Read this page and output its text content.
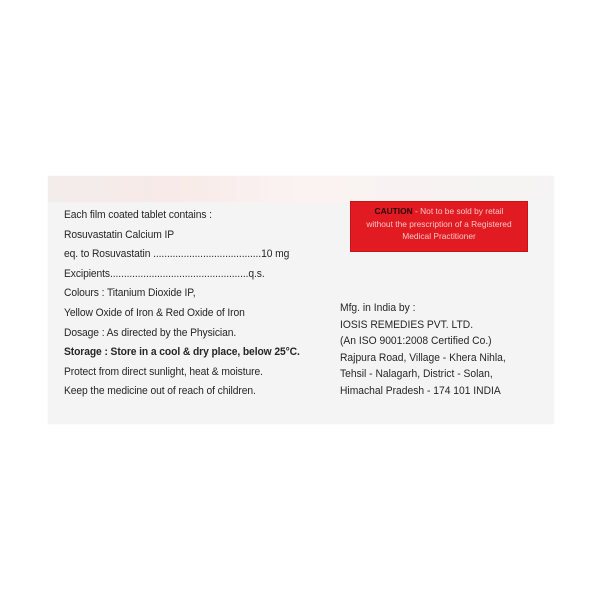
Each film coated tablet contains :
Rosuvastatin Calcium IP
eq. to Rosuvastatin .......................................10 mg
Excipients..................................................q.s.
Colours : Titanium Dioxide IP,
Yellow Oxide of Iron & Red Oxide of Iron
Dosage : As directed by the Physician.
Storage : Store in a cool & dry place, below 25°C.
Protect from direct sunlight, heat & moisture.
Keep the medicine out of reach of children.
CAUTION - Not to be sold by retail
without the prescription of a Registered
Medical Practitioner
Mfg. in India by :
IOSIS REMEDIES PVT. LTD.
(An ISO 9001:2008 Certified Co.)
Rajpura Road, Village - Khera Nihla,
Tehsil - Nalagarh, District - Solan,
Himachal Pradesh - 174 101 INDIA
